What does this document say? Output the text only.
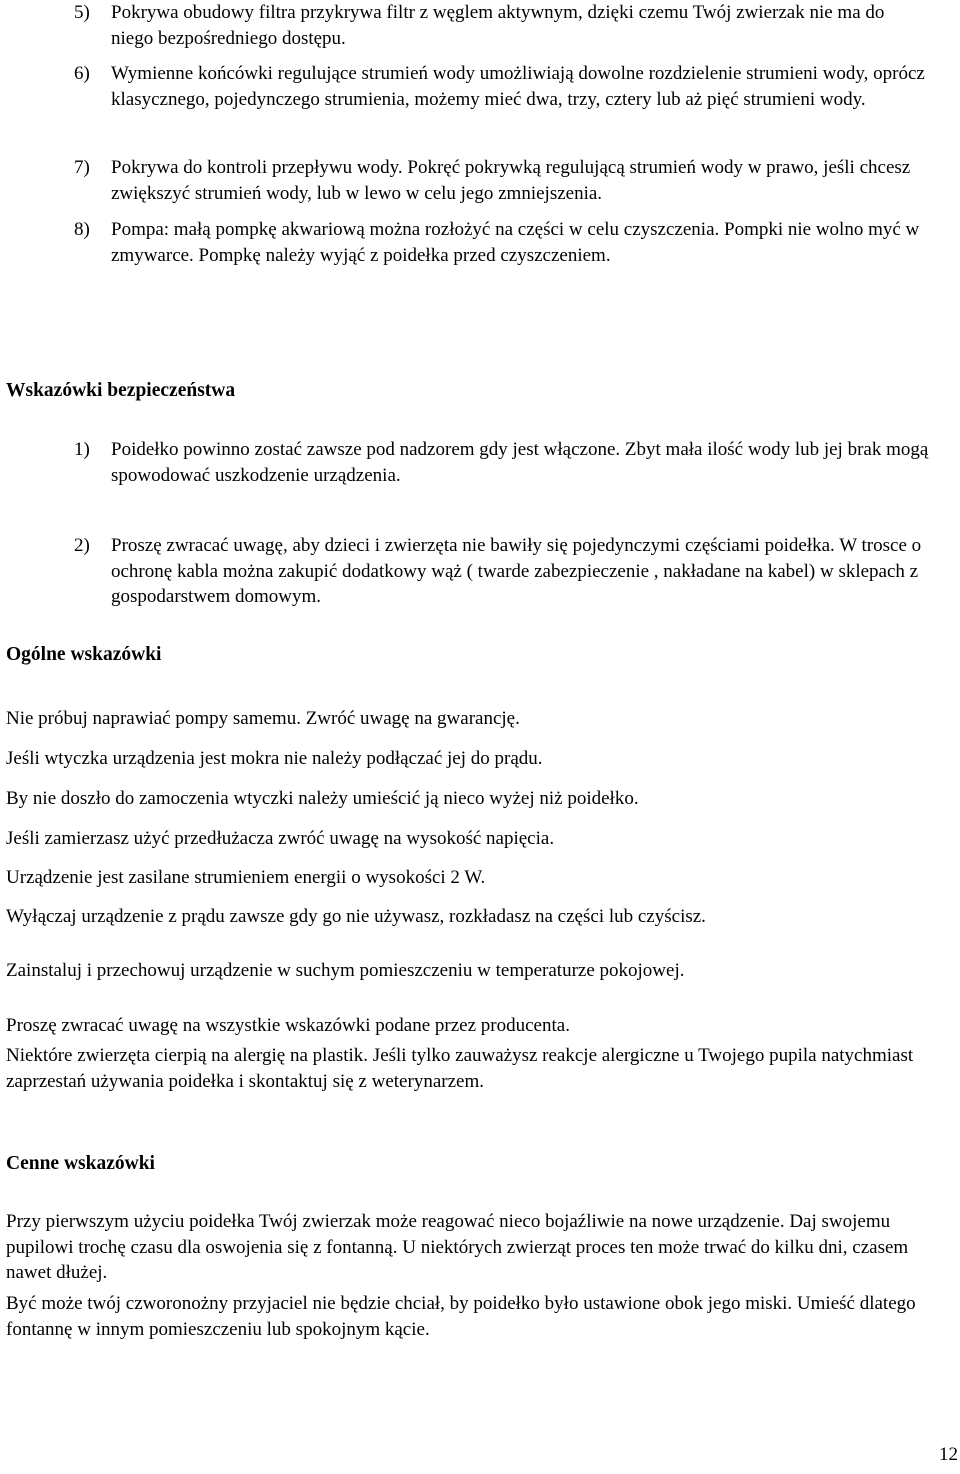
5)	Pokrywa obudowy filtra przykrywa filtr z węglem aktywnym, dzięki czemu Twój zwierzak nie ma do niego bezpośredniego dostępu.
6)	Wymienne końcówki regulujące strumień wody umożliwiają dowolne rozdzielenie strumieni wody, oprócz klasycznego, pojedynczego strumienia, możemy mieć dwa, trzy, cztery lub aż pięć strumieni wody.
7)	Pokrywa do kontroli przepływu wody. Pokręć pokrywką regulującą strumień wody w prawo, jeśli chcesz zwiększyć strumień wody, lub w lewo w celu jego zmniejszenia.
8)	Pompa: małą pompkę akwariową można rozłożyć na części w celu czyszczenia. Pompki nie wolno myć w zmywarce. Pompkę należy wyjąć z poidełka przed czyszczeniem.
Wskazówki bezpieczeństwa
1)	Poidełko powinno zostać zawsze pod nadzorem gdy jest włączone. Zbyt mała ilość wody lub jej brak mogą spowodować uszkodzenie urządzenia.
2)	Proszę zwracać uwagę, aby dzieci i zwierzęta nie bawiły się pojedynczymi częściami poidełka. W trosce o ochronę kabla można zakupić dodatkowy wąż ( twarde zabezpieczenie , nakładane na kabel) w sklepach z gospodarstwem domowym.
Ogólne wskazówki
Nie próbuj naprawiać pompy samemu. Zwróć uwagę na gwarancję.
Jeśli wtyczka urządzenia jest mokra nie należy podłączać jej do prądu.
By nie doszło do zamoczenia wtyczki należy umieścić ją nieco wyżej niż poidełko.
Jeśli zamierzasz użyć przedłużacza zwróć uwagę na wysokość napięcia.
Urządzenie jest zasilane strumieniem energii o wysokości 2 W.
Wyłączaj urządzenie z prądu zawsze gdy go nie używasz, rozkładasz na części lub czyścisz.
Zainstaluj i przechowuj urządzenie w suchym pomieszczeniu w temperaturze pokojowej.
Proszę zwracać uwagę na wszystkie wskazówki podane przez producenta.
Niektóre zwierzęta cierpią na alergię na plastik. Jeśli tylko zauważysz reakcje alergiczne u Twojego pupila natychmiast zaprzestań używania poidełka i skontaktuj się z weterynarzem.
Cenne wskazówki
Przy pierwszym użyciu poidełka Twój zwierzak może reagować nieco bojaźliwie na nowe urządzenie. Daj swojemu pupilowi trochę czasu dla oswojenia się z fontanną. U niektórych zwierząt proces ten może trwać do kilku dni, czasem nawet dłużej.
Być może twój czworonożny przyjaciel nie będzie chciał, by poidełko było ustawione obok jego miski. Umieść dlatego fontannę w innym pomieszczeniu lub spokojnym kącie.
12
